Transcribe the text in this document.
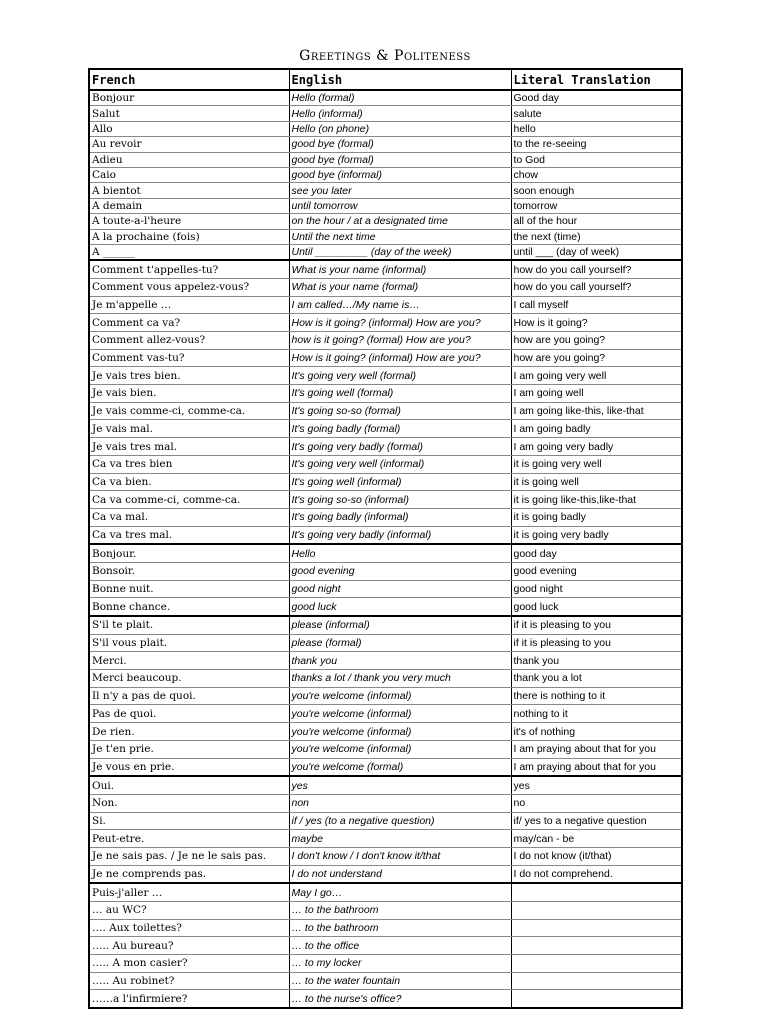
Greetings & Politeness
French	English	Literal Translation
Bonjour	Hello (formal)	Good day
Salut	Hello (informal)	salute
Allo	Hello (on phone)	hello
Au revoir	good bye (formal)	to the re-seeing
Adieu	good bye (formal)	to God
Caio	good bye (informal)	chow
A bientot	see you later	soon enough
A demain	until tomorrow	tomorrow
A toute-a-l'heure	on the hour / at a designated time	all of the hour
A la prochaine (fois)	Until the next time	the next (time)
A ______	Until _________ (day of the week)	until ___ (day of week)
Comment t'appelles-tu?	What is your name (informal)	how do you call yourself?
Comment vous appelez-vous?	What is your name (formal)	how do you call yourself?
Je m'appelle …	I am called…/My name is…	I call myself
Comment ca va?	How is it going? (informal) How are you?	How is it going?
Comment allez-vous?	how is it going? (formal) How are you?	how are you going?
Comment vas-tu?	How is it going? (informal) How are you?	how are you going?
Je vais tres bien.	It's going very well (formal)	I am going very well
Je vais bien.	It's going well (formal)	I am going well
Je vais comme-ci, comme-ca.	It's going so-so (formal)	I am going like-this, like-that
Je vais mal.	It's going badly (formal)	I am going badly
Je vais tres mal.	It's going very badly (formal)	I am going very badly
Ca va tres bien	It's going very well (informal)	it is going very well
Ca va bien.	It's going well (informal)	it is going well
Ca va comme-ci, comme-ca.	It's going so-so (informal)	it is going like-this,like-that
Ca va mal.	It's going badly (informal)	it is going badly
Ca va tres mal.	It's going very badly (informal)	it is going very badly
Bonjour.	Hello	good day
Bonsoir.	good evening	good evening
Bonne nuit.	good night	good night
Bonne chance.	good luck	good luck
S'il te plait.	please (informal)	if it is pleasing to you
S'il vous plait.	please (formal)	if it is pleasing to you
Merci.	thank you	thank you
Merci beaucoup.	thanks a lot / thank you very much	thank you a lot
Il n'y a pas de quoi.	you're welcome (informal)	there is nothing to it
Pas de quoi.	you're welcome (informal)	nothing to it
De rien.	you're welcome (informal)	it's of nothing
Je t'en prie.	you're welcome (informal)	I am praying about that for you
Je vous en prie.	you're welcome (formal)	I am praying about that for you
Oui.	yes	yes
Non.	non	no
Si.	if / yes (to a negative question)	if/ yes to a negative question
Peut-etre.	maybe	may/can - be
Je ne sais pas. / Je ne le sais pas.	I don't know / I don't know it/that	I do not know (it/that)
Je ne comprends pas.	I do not understand	I do not comprehend.
Puis-j'aller …	May I go…	
… au WC?	… to the bathroom	
…. Aux toilettes?	… to the bathroom	
….. Au bureau?	… to the office	
….. A mon casier?	… to my locker	
….. Au robinet?	… to the water fountain	
……a l'infirmiere?	… to the nurse's office?	
